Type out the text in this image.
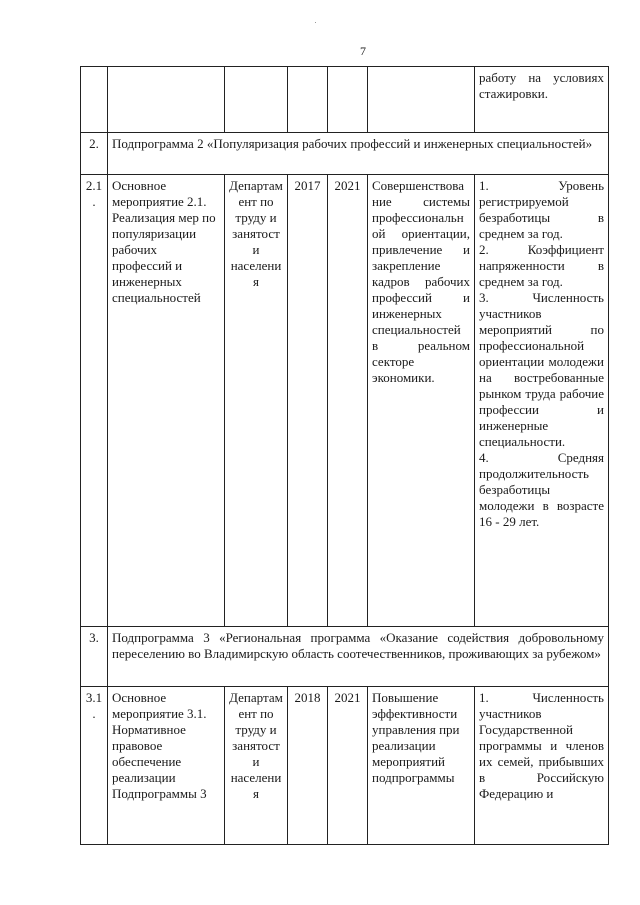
7
						работу на условиях стажировки.
2.	Подпрограмма 2 «Популяризация рабочих профессий и инженерных специальностей»					
2.1.	Основное мероприятие 2.1. Реализация мер по популяризации рабочих профессий и инженерных специальностей	Департамент по труду и занятости населения	2017	2021	Совершенствование системы профессиональной ориентации, привлечение и закрепление кадров рабочих профессий и инженерных специальностей в реальном секторе экономики.	1. Уровень регистрируемой безработицы в среднем за год.
2. Коэффициент напряженности в среднем за год.
3. Численность участников мероприятий по профессиональной ориентации молодежи на востребованные рынком труда рабочие профессии и инженерные специальности.
4. Средняя продолжительность безработицы молодежи в возрасте 16 - 29 лет.

3.	Подпрограмма 3 «Региональная программа «Оказание содействия добровольному переселению во Владимирскую область соотечественников, проживающих за рубежом»					
3.1.	Основное мероприятие 3.1. Нормативное правовое обеспечение реализации Подпрограммы 3	Департамент по труду и занятости населения	2018	2021	Повышение эффективности управления при реализации мероприятий подпрограммы	1. Численность участников Государственной программы и членов их семей, прибывших в Российскую Федерацию и
